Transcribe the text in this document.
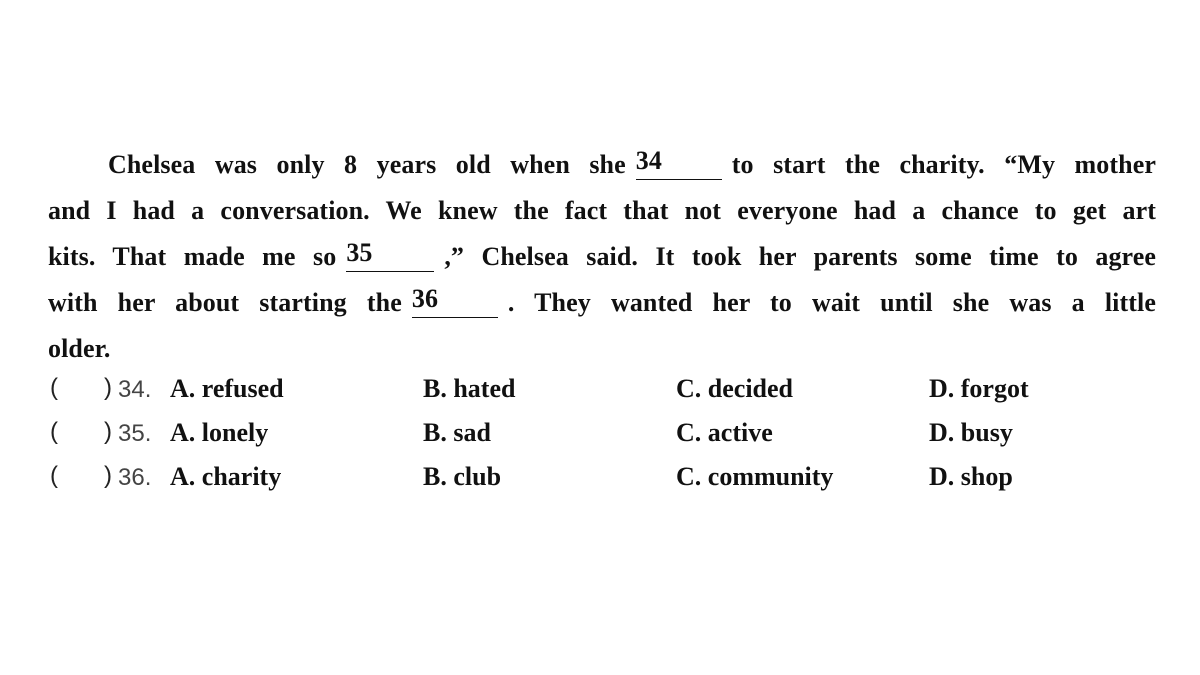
Chelsea was only 8 years old when she 34	to start the charity. “My mother
and I had a conversation. We knew the fact that not everyone had a chance to get art
kits. That made me so 35	,” Chelsea said. It took her parents some time to agree
with her about starting the 36	. They wanted her to wait until she was a little
older.
( ) 34. A. refused	B. hated	C. decided	D. forgot
( ) 35. A. lonely	B. sad	C. active	D. busy
( ) 36. A. charity	B. club	C. community	D. shop
